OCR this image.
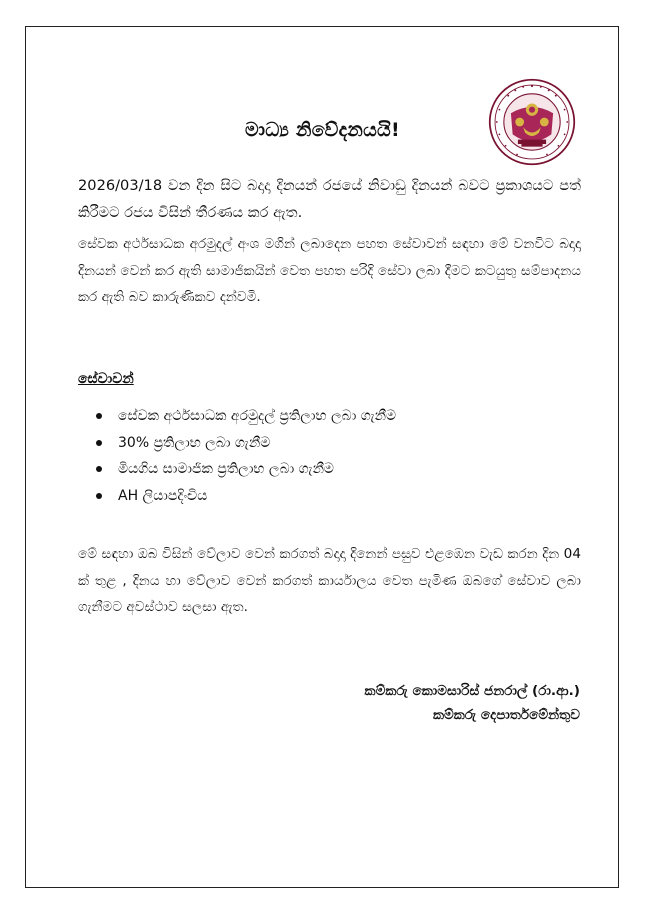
මාධ්‍ය නිවේදනයයි!

2026/03/18 වන දින සිට බදාදා දිනයන් රජයේ නිවාඩු දිනයන් බවට ප්‍රකාශයට පත් කිරීමට රජය විසින් තීරණය කර ඇත.

සේවක අර්ථසාධක අරමුදල් අංශ මගින් ලබාදෙන පහත සේවාවන් සඳහා මේ වනවිට බදාදා දිනයන් වෙන් කර ඇති සාමාජිකයින් වෙත පහත පරිදි සේවා ලබා දීමට කටයුතු සම්පාදනය කර ඇති බව කාරුණිකව දන්වමි.

සේවාවන්
සේවක අර්ථසාධක අරමුදල් ප්‍රතිලාභ ලබා ගැනීම
30% ප්‍රතිලාභ ලබා ගැනීම
මියගිය සාමාජික ප්‍රතිලාභ ලබා ගැනීම
AH ලියාපදිංචිය

මේ සඳහා ඔබ විසින් වේලාව වෙන් කරගත් බදාදා දිනෙන් පසුව එළඹෙන වැඩ කරන දින 04 ක් තුළ , දිනය හා වේලාව වෙන් කරගත් කාර්යාලය වෙත පැමිණ ඔබගේ සේවාව ලබා ගැනීමට අවස්ථාව සලසා ඇත.

කම්කරු කොමසාරිස් ජනරාල් (රා.ආ.)

කම්කරු දෙපාර්තමේන්තුව
